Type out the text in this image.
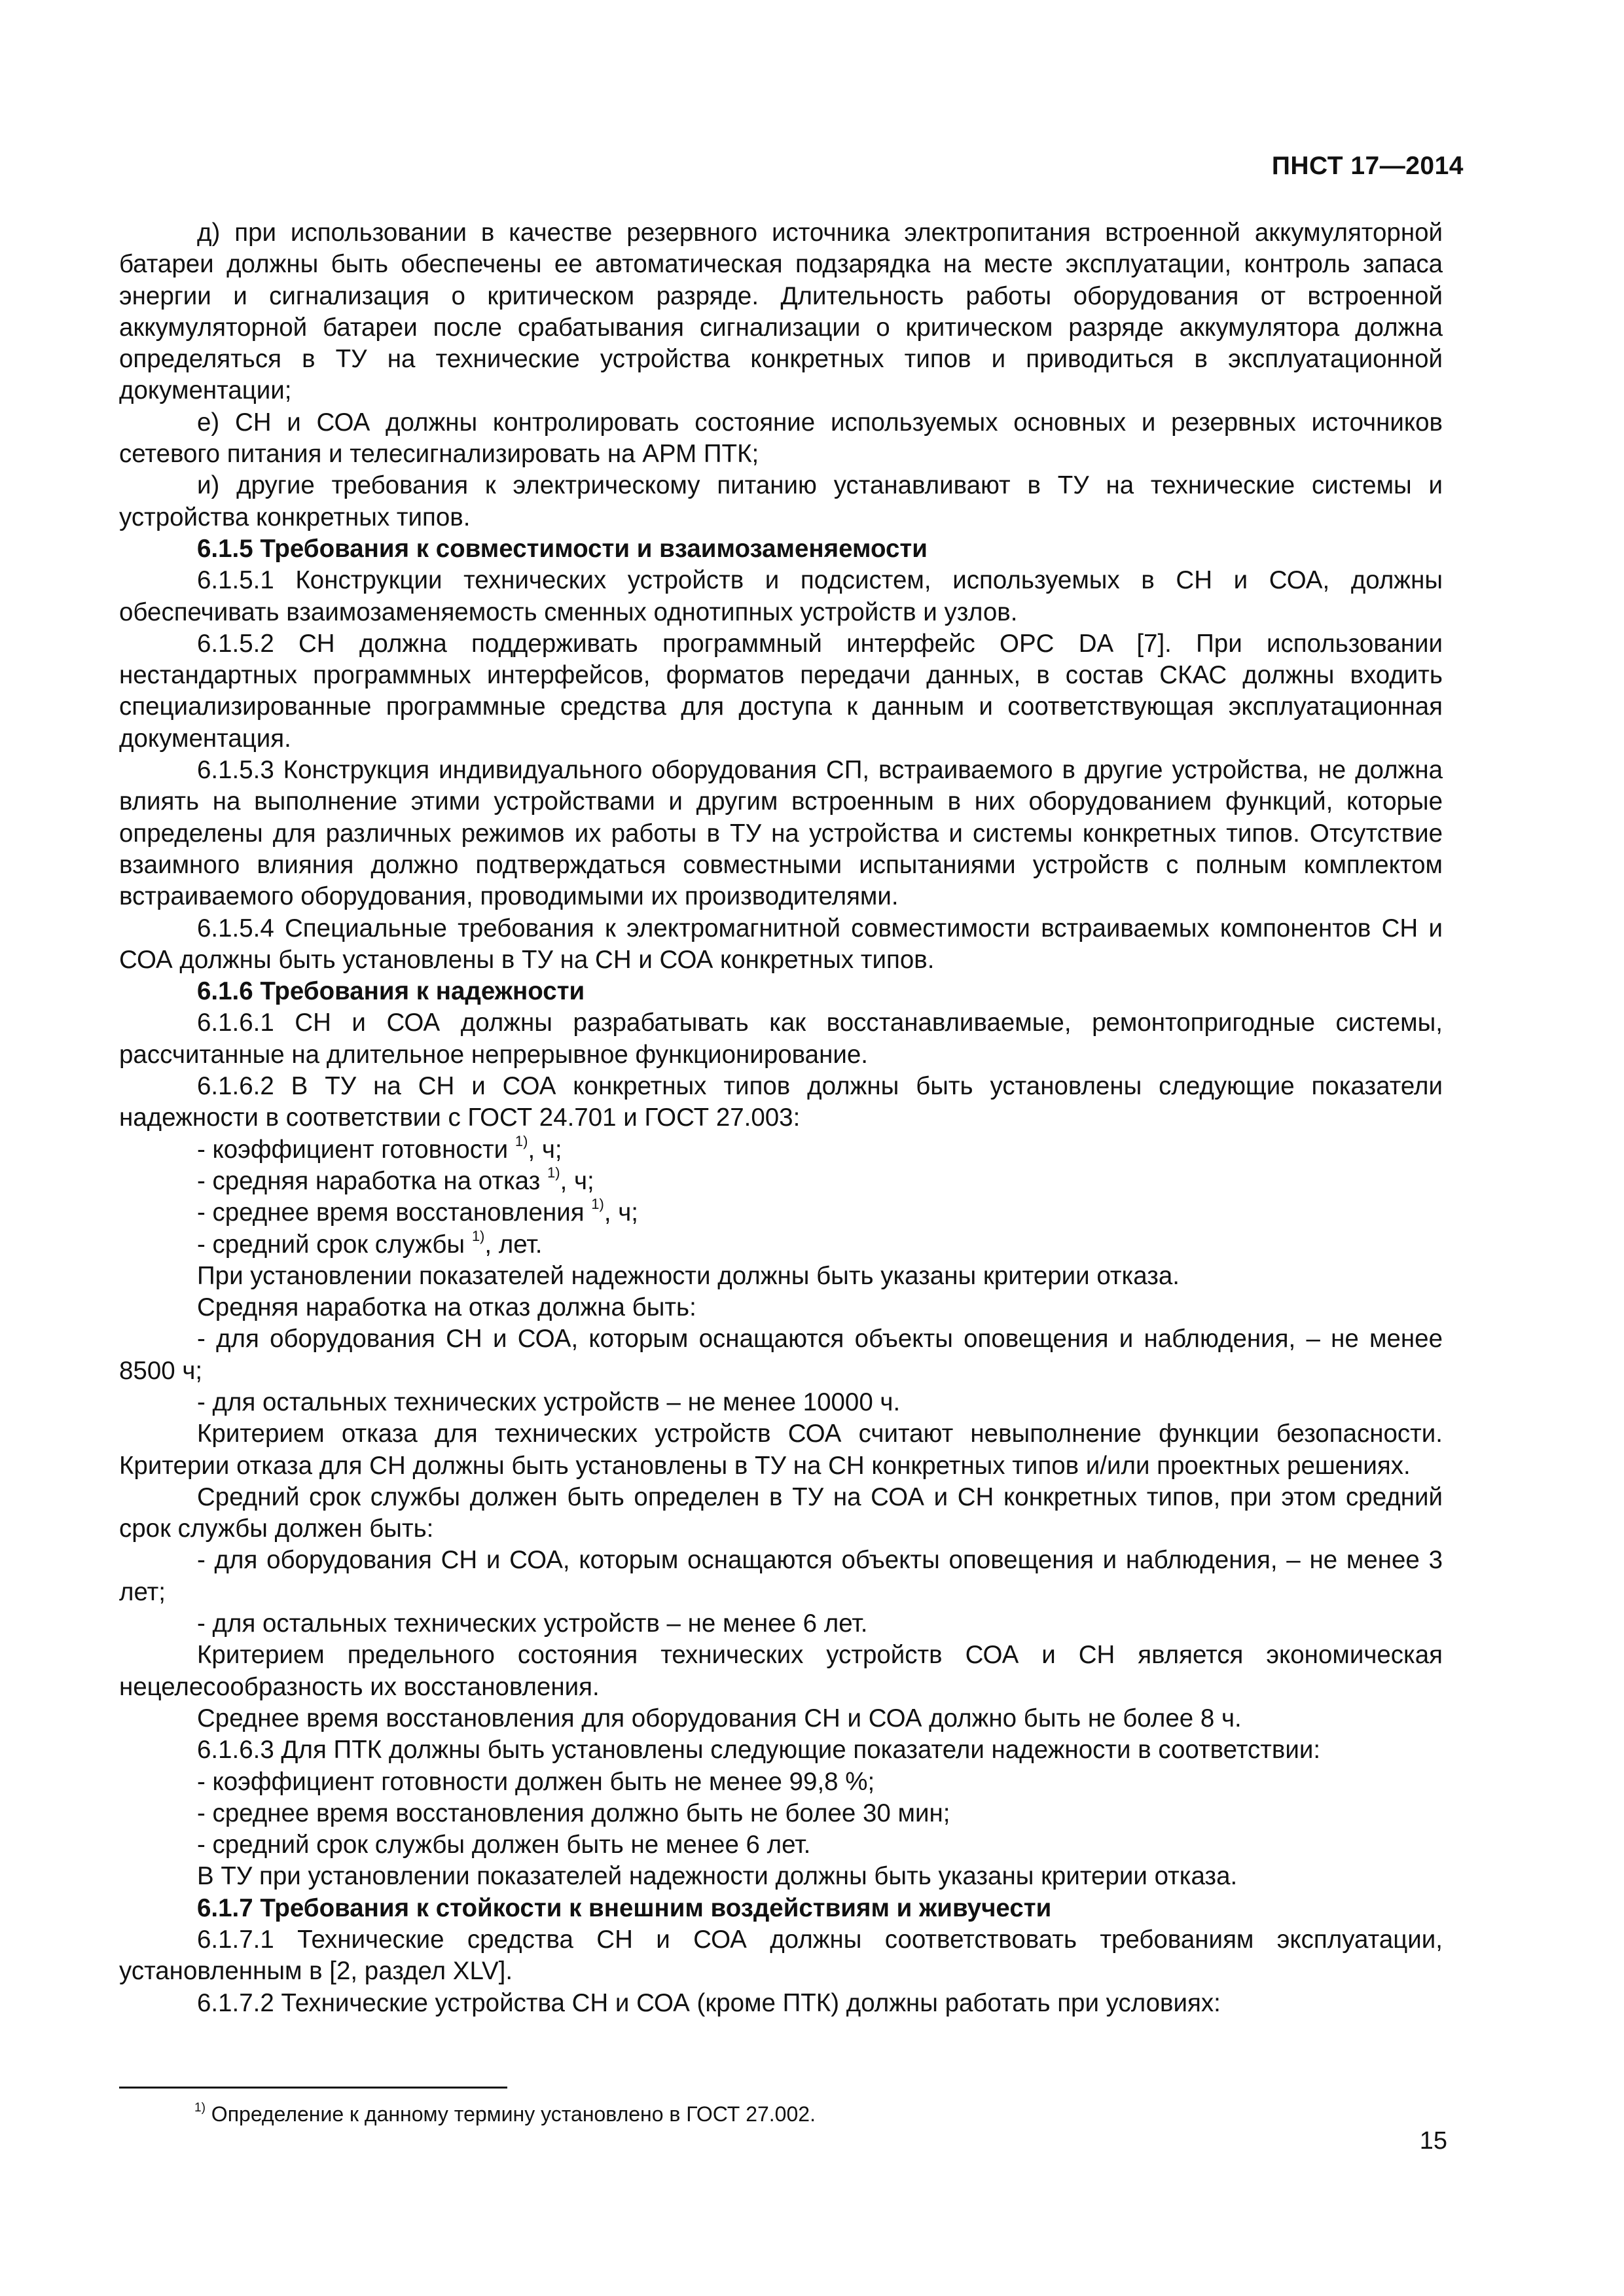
ПНСТ 17—2014

д) при использовании в качестве резервного источника электропитания встроенной аккумуляторной батареи должны быть обеспечены ее автоматическая подзарядка на месте эксплуатации, контроль запаса энергии и сигнализация о критическом разряде. Длительность работы оборудования от встроенной аккумуляторной батареи после срабатывания сигнализации о критическом разряде аккумулятора должна определяться в ТУ на технические устройства конкретных типов и приводиться в эксплуатационной документации;

е) СН и СОА должны контролировать состояние используемых основных и резервных источников сетевого питания и телесигнализировать на АРМ ПТК;

и) другие требования к электрическому питанию устанавливают в ТУ на технические системы и устройства конкретных типов.

6.1.5 Требования к совместимости и взаимозаменяемости

6.1.5.1 Конструкции технических устройств и подсистем, используемых в СН и СОА, должны обеспечивать взаимозаменяемость сменных однотипных устройств и узлов.

6.1.5.2 СН должна поддерживать программный интерфейс OPC DA [7]. При использовании нестандартных программных интерфейсов, форматов передачи данных, в состав СКАС должны входить специализированные программные средства для доступа к данным и соответствующая эксплуатационная документация.

6.1.5.3 Конструкция индивидуального оборудования СП, встраиваемого в другие устройства, не должна влиять на выполнение этими устройствами и другим встроенным в них оборудованием функций, которые определены для различных режимов их работы в ТУ на устройства и системы конкретных типов. Отсутствие взаимного влияния должно подтверждаться совместными испытаниями устройств с полным комплектом встраиваемого оборудования, проводимыми их производителями.

6.1.5.4 Специальные требования к электромагнитной совместимости встраиваемых компонентов СН и СОА должны быть установлены в ТУ на СН и СОА конкретных типов.

6.1.6 Требования к надежности

6.1.6.1 СН и СОА должны разрабатывать как восстанавливаемые, ремонтопригодные системы, рассчитанные на длительное непрерывное функционирование.

6.1.6.2 В ТУ на СН и СОА конкретных типов должны быть установлены следующие показатели надежности в соответствии с ГОСТ 24.701 и ГОСТ 27.003:

- коэффициент готовности $^{1)}$, ч;

- средняя наработка на отказ $^{1)}$, ч;

- среднее время восстановления $^{1)}$, ч;

- средний срок службы $^{1)}$, лет.

При установлении показателей надежности должны быть указаны критерии отказа.

Средняя наработка на отказ должна быть:

- для оборудования СН и СОА, которым оснащаются объекты оповещения и наблюдения, – не менее 8500 ч;

- для остальных технических устройств – не менее 10000 ч.

Критерием отказа для технических устройств СОА считают невыполнение функции безопасности. Критерии отказа для СН должны быть установлены в ТУ на СН конкретных типов и/или проектных решениях.

Средний срок службы должен быть определен в ТУ на СОА и СН конкретных типов, при этом средний срок службы должен быть:

- для оборудования СН и СОА, которым оснащаются объекты оповещения и наблюдения, – не менее 3 лет;

- для остальных технических устройств – не менее 6 лет.

Критерием предельного состояния технических устройств СОА и СН является экономическая нецелесообразность их восстановления.

Среднее время восстановления для оборудования СН и СОА должно быть не более 8 ч.

6.1.6.3 Для ПТК должны быть установлены следующие показатели надежности в соответствии:

- коэффициент готовности должен быть не менее 99,8 %;

- среднее время восстановления должно быть не более 30 мин;

- средний срок службы должен быть не менее 6 лет.

В ТУ при установлении показателей надежности должны быть указаны критерии отказа.

6.1.7 Требования к стойкости к внешним воздействиям и живучести

6.1.7.1 Технические средства СН и СОА должны соответствовать требованиям эксплуатации, установленным в [2, раздел XLV].

6.1.7.2 Технические устройства СН и СОА (кроме ПТК) должны работать при условиях:

$^{1)}$ Определение к данному термину установлено в ГОСТ 27.002.
15
